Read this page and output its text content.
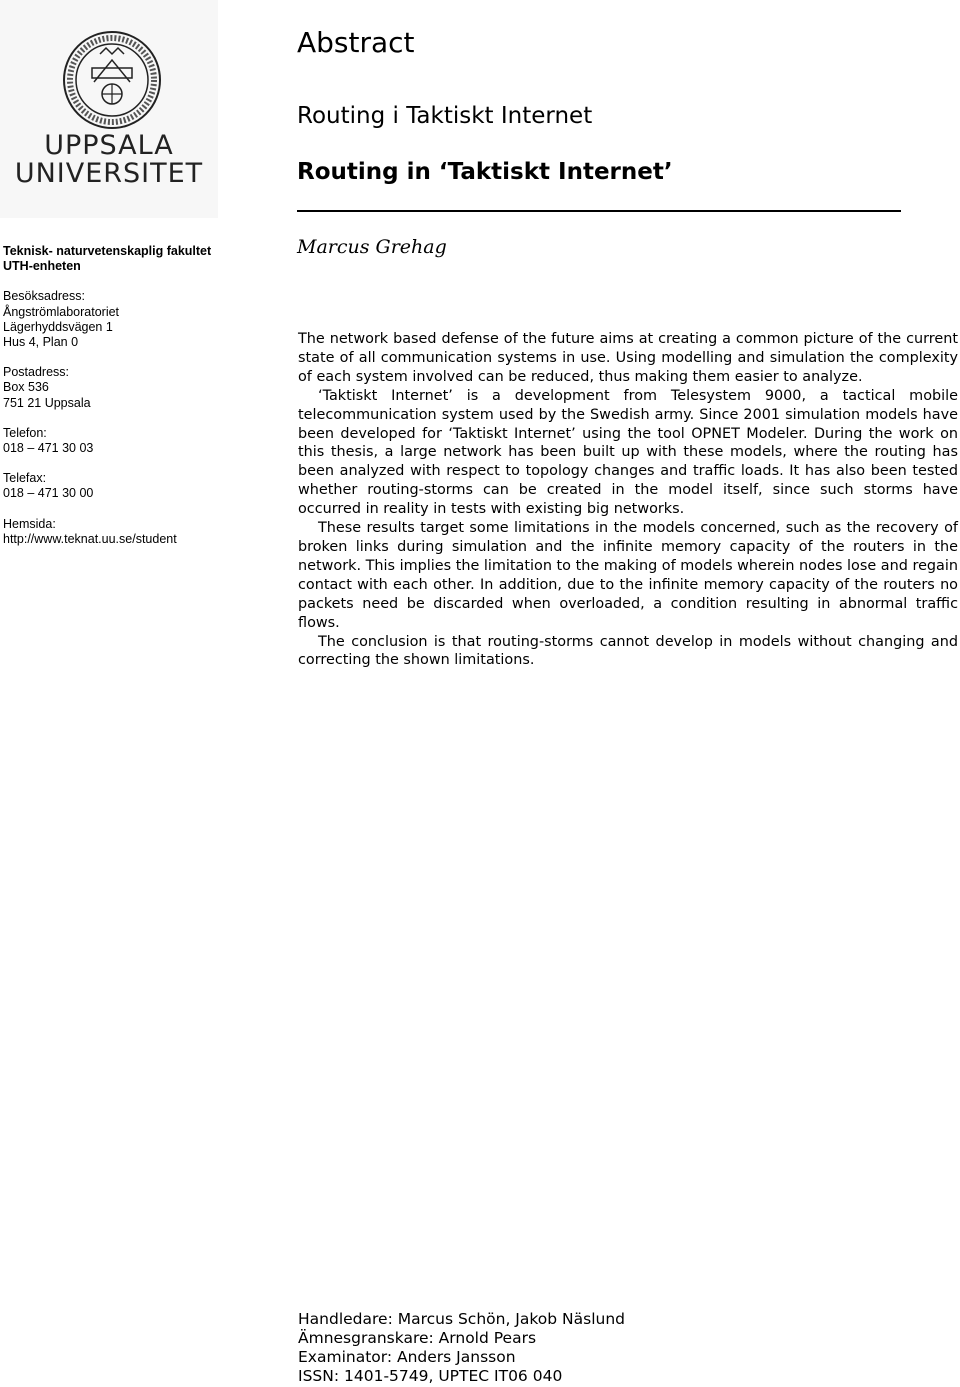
UPPSALA
UNIVERSITET
Teknisk- naturvetenskaplig fakultet
UTH-enheten
Besöksadress:
Ångströmlaboratoriet
Lägerhyddsvägen 1
Hus 4, Plan 0
Postadress:
Box 536
751 21 Uppsala
Telefon:
018 – 471 30 03
Telefax:
018 – 471 30 00
Hemsida:
http://www.teknat.uu.se/student
Abstract
Routing i Taktiskt Internet
Routing in ‘Taktiskt Internet’
Marcus Grehag

The network based defense of the future aims at creating a common picture of the current state of all communication systems in use. Using modelling and simulation the complexity of each system involved can be reduced, thus making them easier to analyze.

‘Taktiskt Internet’ is a development from Telesystem 9000, a tactical mobile telecommunication system used by the Swedish army. Since 2001 simulation models have been developed for ‘Taktiskt Internet’ using the tool OPNET Modeler. During the work on this thesis, a large network has been built up with these models, where the routing has been analyzed with respect to topology changes and traffic loads. It has also been tested whether routing-storms can be created in the model itself, since such storms have occurred in reality in tests with existing big networks.

These results target some limitations in the models concerned, such as the recovery of broken links during simulation and the infinite memory capacity of the routers in the network. This implies the limitation to the making of models wherein nodes lose and regain contact with each other. In addition, due to the infinite memory capacity of the routers no packets need be discarded when overloaded, a condition resulting in abnormal traffic flows.

The conclusion is that routing-storms cannot develop in models without changing and correcting the shown limitations.

Handledare: Marcus Schön, Jakob Näslund
Ämnesgranskare: Arnold Pears
Examinator: Anders Jansson
ISSN: 1401-5749, UPTEC IT06 040
